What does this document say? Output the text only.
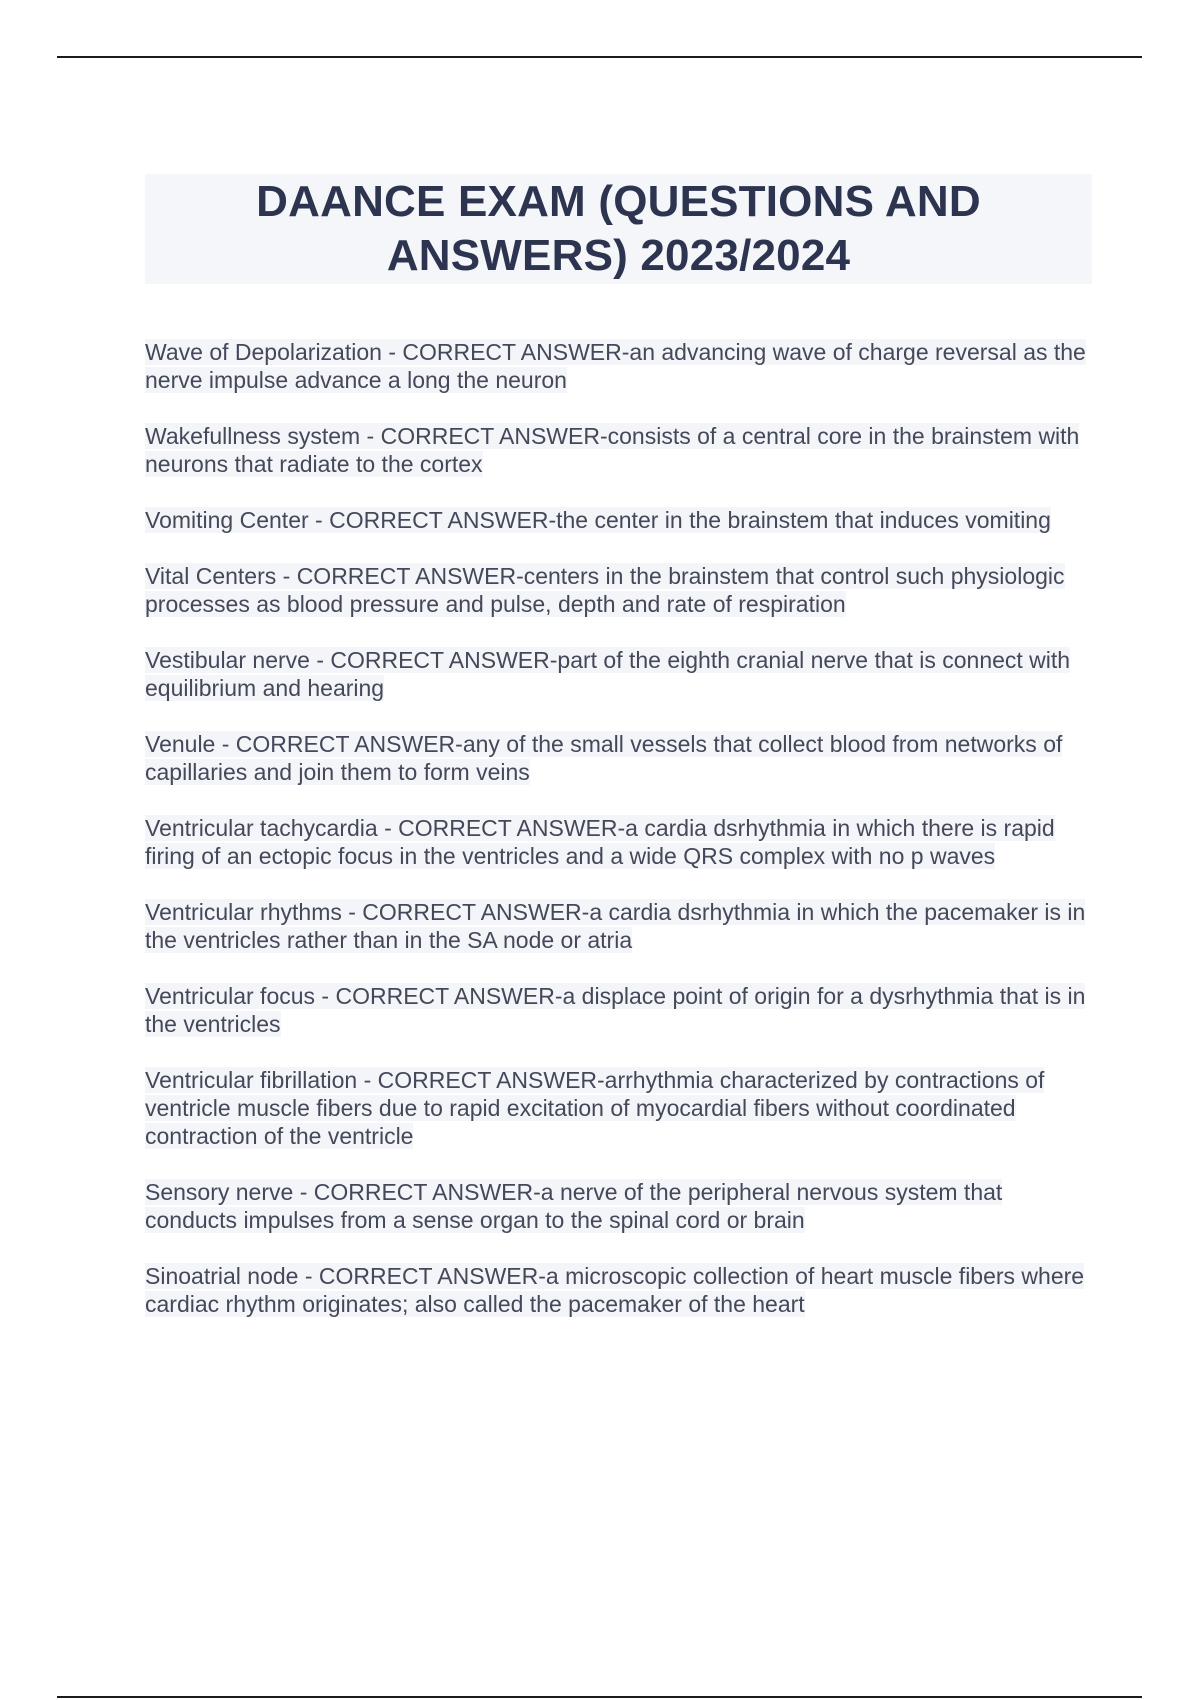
DAANCE EXAM (QUESTIONS AND ANSWERS) 2023/2024

Wave of Depolarization - CORRECT ANSWER-an advancing wave of charge reversal as the nerve impulse advance a long the neuron

Wakefullness system - CORRECT ANSWER-consists of a central core in the brainstem with neurons that radiate to the cortex

Vomiting Center - CORRECT ANSWER-the center in the brainstem that induces vomiting

Vital Centers - CORRECT ANSWER-centers in the brainstem that control such physiologic processes as blood pressure and pulse, depth and rate of respiration

Vestibular nerve - CORRECT ANSWER-part of the eighth cranial nerve that is connect with equilibrium and hearing

Venule - CORRECT ANSWER-any of the small vessels that collect blood from networks of capillaries and join them to form veins

Ventricular tachycardia - CORRECT ANSWER-a cardia dsrhythmia in which there is rapid firing of an ectopic focus in the ventricles and a wide QRS complex with no p waves

Ventricular rhythms - CORRECT ANSWER-a cardia dsrhythmia in which the pacemaker is in the ventricles rather than in the SA node or atria

Ventricular focus - CORRECT ANSWER-a displace point of origin for a dysrhythmia that is in the ventricles

Ventricular fibrillation - CORRECT ANSWER-arrhythmia characterized by contractions of ventricle muscle fibers due to rapid excitation of myocardial fibers without coordinated contraction of the ventricle

Sensory nerve - CORRECT ANSWER-a nerve of the peripheral nervous system that conducts impulses from a sense organ to the spinal cord or brain

Sinoatrial node - CORRECT ANSWER-a microscopic collection of heart muscle fibers where cardiac rhythm originates; also called the pacemaker of the heart
